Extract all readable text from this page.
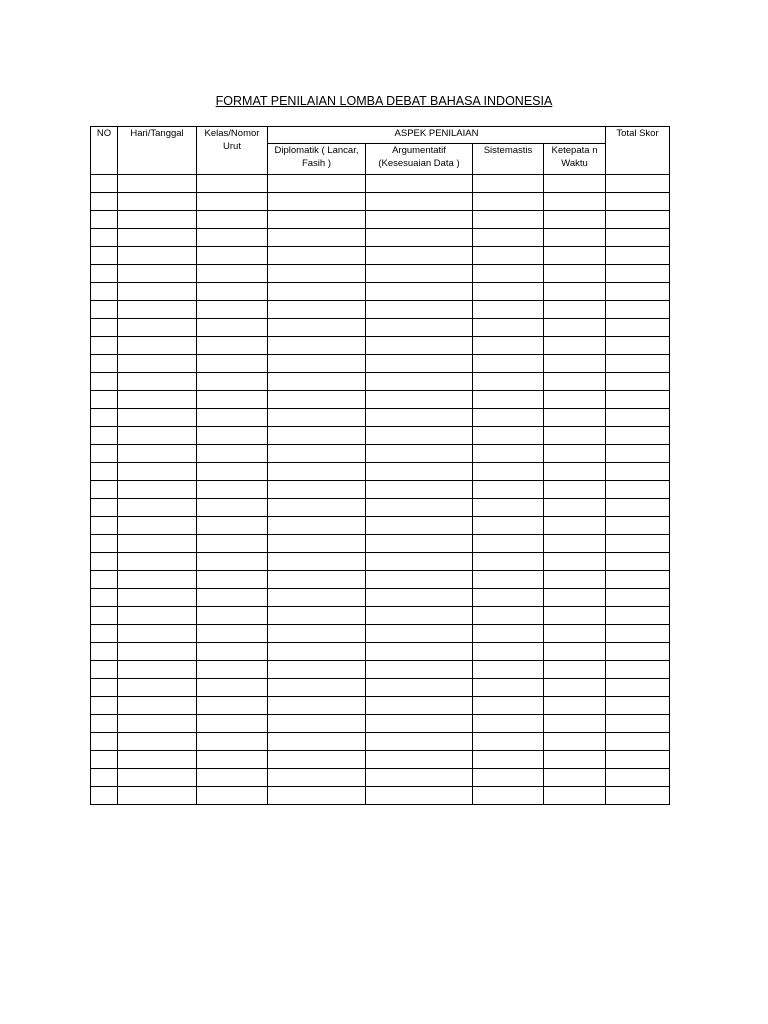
FORMAT PENILAIAN LOMBA DEBAT BAHASA INDONESIA
NO	Hari/Tanggal	Kelas/Nomor Urut	ASPEK PENILAIAN				Total Skor
			Diplomatik ( Lancar, Fasih )	Argumentatif (Kesesuaian Data )	Sistemastis	Ketepata n Waktu	
